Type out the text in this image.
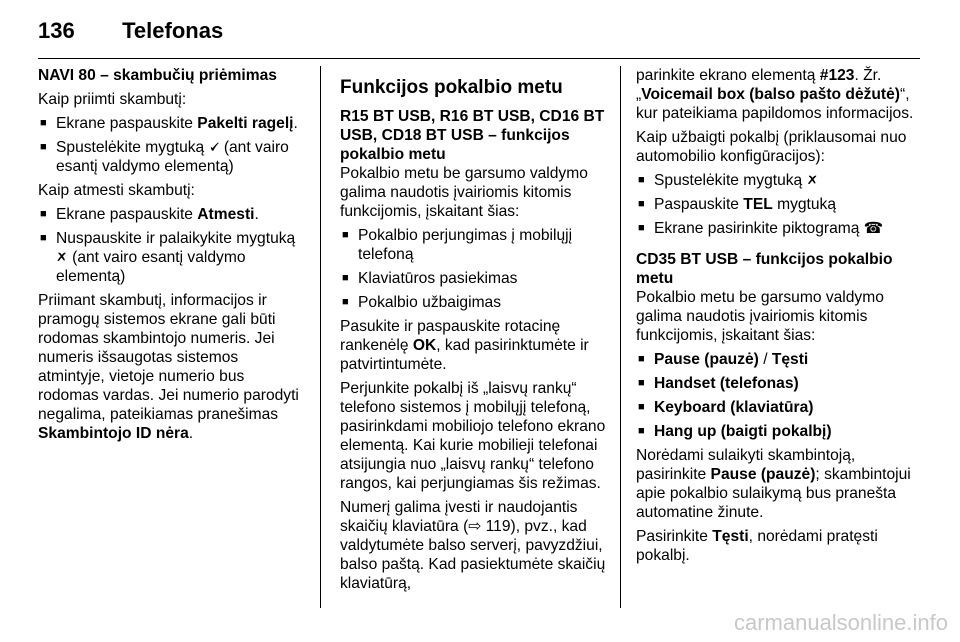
136 Telefonas

NAVI 80 – skambučių priėmimas

Kaip priimti skambutį:

■ Ekrane paspauskite Pakelti ragelį.
■ Spustelėkite mygtuką 🗸 (ant vairo esantį valdymo elementą)

Kaip atmesti skambutį:

■ Ekrane paspauskite Atmesti.
■ Nuspauskite ir palaikykite mygtuką 🗴 (ant vairo esantį valdymo elementą)

Priimant skambutį, informacijos ir pramogų sistemos ekrane gali būti rodomas skambintojo numeris. Jei numeris išsaugotas sistemos atmintyje, vietoje numerio bus rodomas vardas. Jei numerio parodyti negalima, pateikiamas pranešimas Skambintojo ID nėra.

Funkcijos pokalbio metu
R15 BT USB, R16 BT USB, CD16 BT USB, CD18 BT USB – funkcijos pokalbio metu

Pokalbio metu be garsumo valdymo galima naudotis įvairiomis kitomis funkcijomis, įskaitant šias:

■ Pokalbio perjungimas į mobilųjį telefoną
■ Klaviatūros pasiekimas
■ Pokalbio užbaigimas

Pasukite ir paspauskite rotacinę rankenėlę OK, kad pasirinktumėte ir patvirtintumėte.

Perjunkite pokalbį iš „laisvų rankų“ telefono sistemos į mobilųjį telefoną, pasirinkdami mobiliojo telefono ekrano elementą. Kai kurie mobilieji telefonai atsijungia nuo „laisvų rankų“ telefono rangos, kai perjungiamas šis režimas.

Numerį galima įvesti ir naudojantis skaičių klaviatūra (⇨ 119), pvz., kad valdytumėte balso serverį, pavyzdžiui, balso paštą. Kad pasiektumėte skaičių klaviatūrą,

parinkite ekrano elementą #123. Žr. „Voicemail box (balso pašto dėžutė)“, kur pateikiama papildomos informacijos.

Kaip užbaigti pokalbį (priklausomai nuo automobilio konfigūracijos):

■ Spustelėkite mygtuką 🗴
■ Paspauskite TEL mygtuką
■ Ekrane pasirinkite piktogramą ☎
CD35 BT USB – funkcijos pokalbio metu

Pokalbio metu be garsumo valdymo galima naudotis įvairiomis kitomis funkcijomis, įskaitant šias:

■ Pause (pauzė) / Tęsti
■ Handset (telefonas)
■ Keyboard (klaviatūra)
■ Hang up (baigti pokalbį)

Norėdami sulaikyti skambintoją, pasirinkite Pause (pauzė); skambintojui apie pokalbio sulaikymą bus pranešta automatine žinute.

Pasirinkite Tęsti, norėdami pratęsti pokalbį.

carmanualsonline.info
